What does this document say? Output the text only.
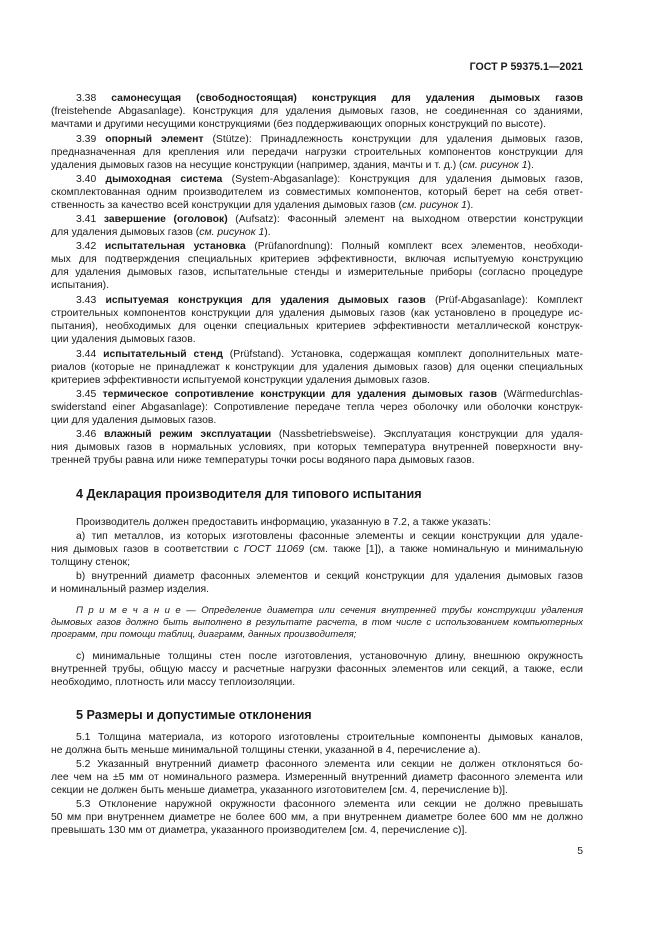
ГОСТ Р 59375.1—2021
3.38 самонесущая (свободностоящая) конструкция для удаления дымовых газов
(freistehende Abgasanlage). Конструкция для удаления дымовых газов, не соединенная со зданиями,
мачтами и другими несущими конструкциями (без поддерживающих опорных конструкций по высоте).
3.39 опорный элемент (Stütze): Принадлежность конструкции для удаления дымовых газов,
предназначенная для крепления или передачи нагрузки строительных компонентов конструкции для
удаления дымовых газов на несущие конструкции (например, здания, мачты и т. д.) (см. рисунок 1).
3.40 дымоходная система (System-Abgasanlage): Конструкция для удаления дымовых газов,
скомплектованная одним производителем из совместимых компонентов, который берет на себя ответ-
ственность за качество всей конструкции для удаления дымовых газов (см. рисунок 1).
3.41 завершение (оголовок) (Aufsatz): Фасонный элемент на выходном отверстии конструкции
для удаления дымовых газов (см. рисунок 1).
3.42 испытательная установка (Prüfanordnung): Полный комплект всех элементов, необходи-
мых для подтверждения специальных критериев эффективности, включая испытуемую конструкцию
для удаления дымовых газов, испытательные стенды и измерительные приборы (согласно процедуре
испытания).
3.43 испытуемая конструкция для удаления дымовых газов (Prüf-Abgasanlage): Комплект
строительных компонентов конструкции для удаления дымовых газов (как установлено в процедуре ис-
пытания), необходимых для оценки специальных критериев эффективности металлической конструк-
ции удаления дымовых газов.
3.44 испытательный стенд (Prüfstand). Установка, содержащая комплект дополнительных мате-
риалов (которые не принадлежат к конструкции для удаления дымовых газов) для оценки специальных
критериев эффективности испытуемой конструкции удаления дымовых газов.
3.45 термическое сопротивление конструкции для удаления дымовых газов (Wärmedurchlas-
swiderstand einer Abgasanlage): Сопротивление передаче тепла через оболочку или оболочки конструк-
ции для удаления дымовых газов.
3.46 влажный режим эксплуатации (Nassbetriebsweise). Эксплуатация конструкции для удаля-
ния дымовых газов в нормальных условиях, при которых температура внутренней поверхности вну-
тренней трубы равна или ниже температуры точки росы водяного пара дымовых газов.
4 Декларация производителя для типового испытания
Производитель должен предоставить информацию, указанную в 7.2, а также указать:
a) тип металлов, из которых изготовлены фасонные элементы и секции конструкции для удале-
ния дымовых газов в соответствии с ГОСТ 11069 (см. также [1]), а также номинальную и минимальную
толщину стенок;
b) внутренний диаметр фасонных элементов и секций конструкции для удаления дымовых газов
и номинальный размер изделия.
П р и м е ч а н и е — Определение диаметра или сечения внутренней трубы конструкции удаления
дымовых газов должно быть выполнено в результате расчета, в том числе с использованием компьютерных
программ, при помощи таблиц, диаграмм, данных производителя;
c) минимальные толщины стен после изготовления, установочную длину, внешнюю окружность
внутренней трубы, общую массу и расчетные нагрузки фасонных элементов или секций, а также, если
необходимо, плотность или массу теплоизоляции.
5 Размеры и допустимые отклонения
5.1 Толщина материала, из которого изготовлены строительные компоненты дымовых каналов,
не должна быть меньше минимальной толщины стенки, указанной в 4, перечисление a).
5.2 Указанный внутренний диаметр фасонного элемента или секции не должен отклоняться бо-
лее чем на ±5 мм от номинального размера. Измеренный внутренний диаметр фасонного элемента или
секции не должен быть меньше диаметра, указанного изготовителем [см. 4, перечисление b)].
5.3 Отклонение наружной окружности фасонного элемента или секции не должно превышать
50 мм при внутреннем диаметре не более 600 мм, а при внутреннем диаметре более 600 мм не должно
превышать 130 мм от диаметра, указанного производителем [см. 4, перечисление c)].
5
